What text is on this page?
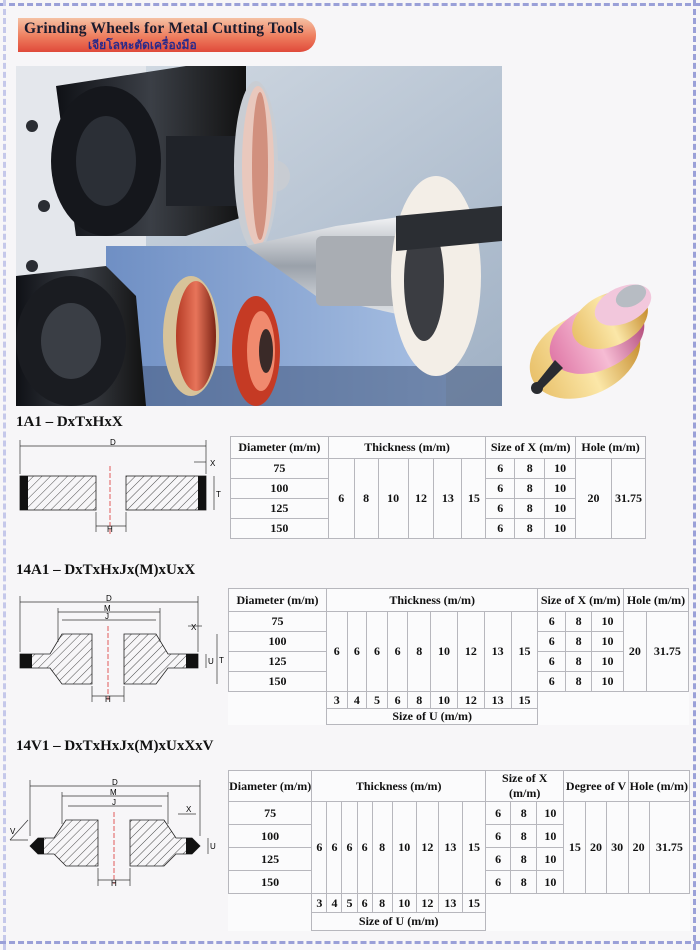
Grinding Wheels for Metal Cutting Tools
เจียโลหะตัดเครื่องมือ
1A1 – DxTxHxX
D
X
H
T
Diameter (m/m)	Thickness (m/m)						Size of X (m/m)			Hole (m/m)	
75	6	8	10	12	13	15	6	8	10	20	31.75
100							6	8	10		
125							6	8	10		
150							6	8	10		
14A1 – DxTxHxJx(M)xUxX
D
M
J
X
H
U T
Diameter (m/m)	Thickness (m/m)									Size of X (m/m)			Hole (m/m)	
75	6	6	6	6	8	10	12	13	15	6	8	10	20	31.75
100										6	8	10		
125										6	8	10		
150										6	8	10		
	3	4	5	6	8	10	12	13	15					
	Size of U (m/m)													
14V1 – DxTxHxJx(M)xUxXxV
D
M
J
X
V
H
U
Diameter (m/m)	Thickness (m/m)									Size of X (m/m)			Degree of V			Hole (m/m)	
75	6	6	6	6	8	10	12	13	15	6	8	10	15	20	30	20	31.75
100										6	8	10					
125										6	8	10					
150										6	8	10					
	3	4	5	6	8	10	12	13	15								
	Size of U (m/m)																
